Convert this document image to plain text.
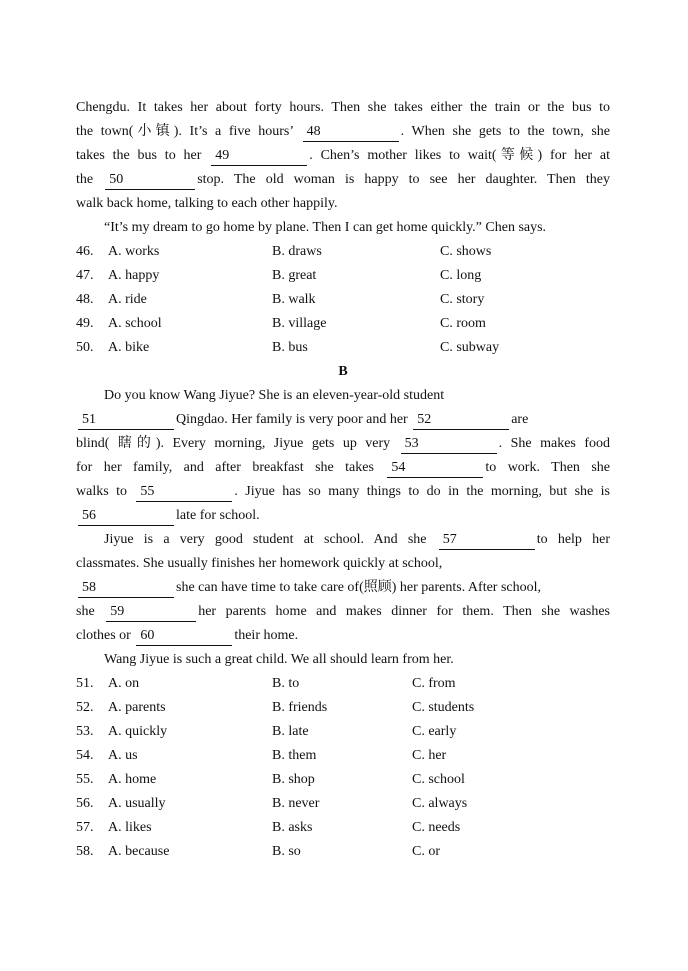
Chengdu. It takes her about forty hours. Then she takes either the train or the bus to
the town(小镇). It’s a five hours’ 48	. When she gets to the town, she
takes the bus to her 49	. Chen’s mother likes to wait(等候) for her at
the 50	stop. The old woman is happy to see her daughter. Then they
walk back home, talking to each other happily.
“It’s my dream to go home by plane. Then I can get home quickly.” Chen says.
46. A. works	B. draws	C. shows
47. A. happy	B. great	C. long
48. A. ride	B. walk	C. story
49. A. school	B. village	C. room
50. A. bike	B. bus	C. subway
B
Do you know Wang Jiyue? She is an eleven-year-old student
51	Qingdao. Her family is very poor and her 52	are
blind( 瞎的). Every morning, Jiyue gets up very 53	. She makes food
for her family, and after breakfast she takes 54	to work. Then she
walks to 55	. Jiyue has so many things to do in the morning, but she is
56	late for school.
Jiyue is a very good student at school. And she 57	to help her
classmates. She usually finishes her homework quickly at school,
58	she can have time to take care of(照顾) her parents. After school,
she 59	her parents home and makes dinner for them. Then she washes
clothes or 60	their home.
Wang Jiyue is such a great child. We all should learn from her.
51. A. on	B. to	C. from
52. A. parents	B. friends	C. students
53. A. quickly	B. late	C. early
54. A. us	B. them	C. her
55. A. home	B. shop	C. school
56. A. usually	B. never	C. always
57. A. likes	B. asks	C. needs
58. A. because	B. so	C. or
